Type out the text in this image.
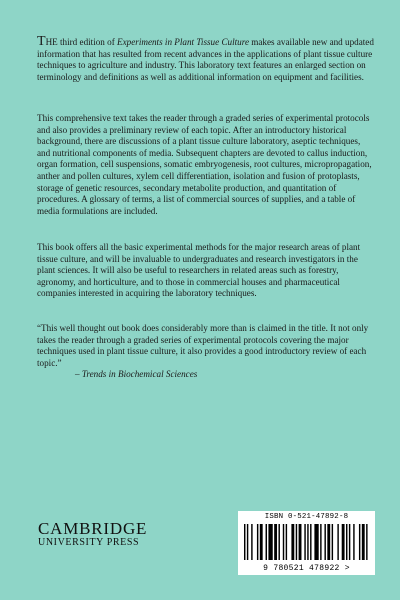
THE third edition of Experiments in Plant Tissue Culture makes available new and updated information that has resulted from recent advances in the applications of plant tissue culture techniques to agriculture and industry. This laboratory text features an enlarged section on terminology and definitions as well as additional information on equipment and facilities.

This comprehensive text takes the reader through a graded series of experimental protocols and also provides a preliminary review of each topic. After an introductory historical background, there are discussions of a plant tissue culture laboratory, aseptic techniques, and nutritional components of media. Subsequent chapters are devoted to callus induction, organ formation, cell suspensions, somatic embryogenesis, root cultures, micropropagation, anther and pollen cultures, xylem cell differentiation, isolation and fusion of protoplasts, storage of genetic resources, secondary metabolite production, and quantitation of procedures. A glossary of terms, a list of commercial sources of supplies, and a table of media formulations are included.

This book offers all the basic experimental methods for the major research areas of plant tissue culture, and will be invaluable to undergraduates and research investigators in the plant sciences. It will also be useful to researchers in related areas such as forestry, agronomy, and horticulture, and to those in commercial houses and pharmaceutical companies interested in acquiring the laboratory techniques.

“This well thought out book does considerably more than is claimed in the title. It not only takes the reader through a graded series of experimental protocols covering the major techniques used in plant tissue culture, it also provides a good introductory review of each topic.”

– Trends in Biochemical Sciences
CAMBRIDGE
UNIVERSITY PRESS
ISBN 0-521-47892-8
9 780521 478922 >
